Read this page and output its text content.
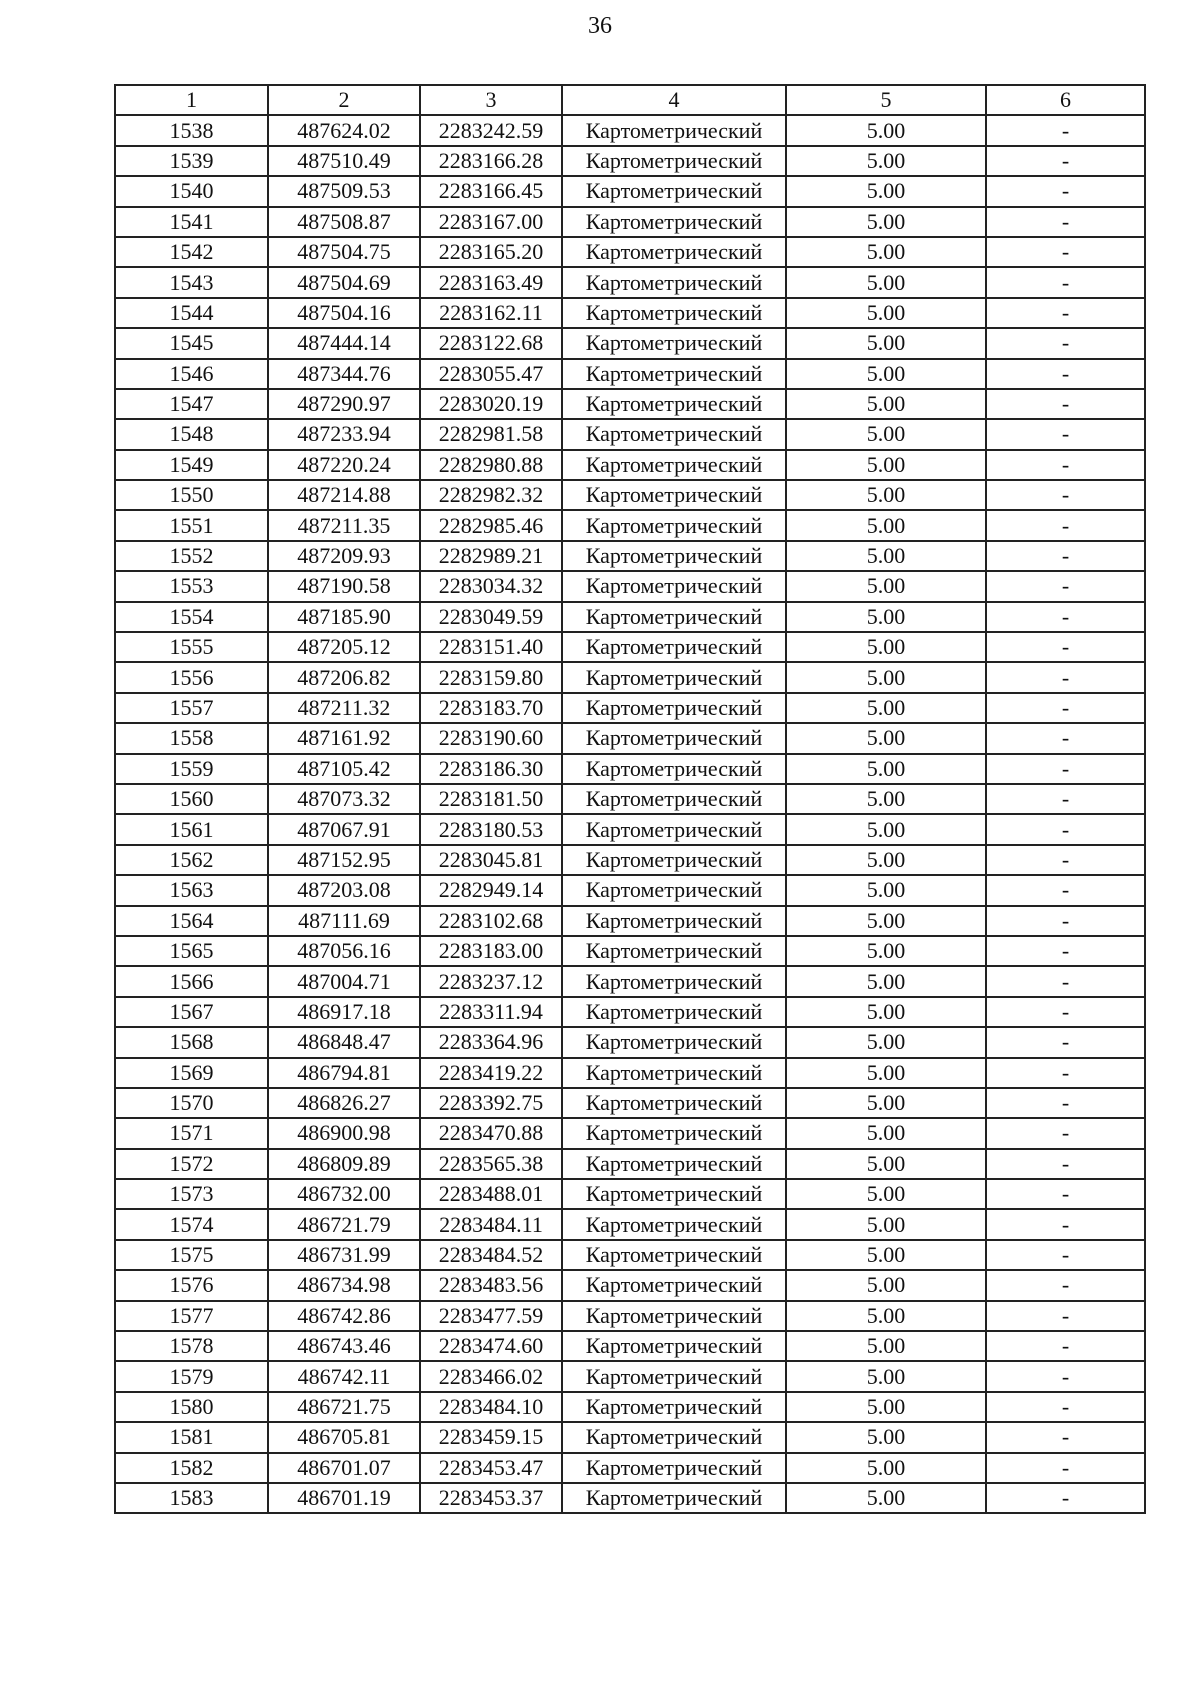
36
1	2	3	4	5	6
1538	487624.02	2283242.59	Картометрический	5.00	-
1539	487510.49	2283166.28	Картометрический	5.00	-
1540	487509.53	2283166.45	Картометрический	5.00	-
1541	487508.87	2283167.00	Картометрический	5.00	-
1542	487504.75	2283165.20	Картометрический	5.00	-
1543	487504.69	2283163.49	Картометрический	5.00	-
1544	487504.16	2283162.11	Картометрический	5.00	-
1545	487444.14	2283122.68	Картометрический	5.00	-
1546	487344.76	2283055.47	Картометрический	5.00	-
1547	487290.97	2283020.19	Картометрический	5.00	-
1548	487233.94	2282981.58	Картометрический	5.00	-
1549	487220.24	2282980.88	Картометрический	5.00	-
1550	487214.88	2282982.32	Картометрический	5.00	-
1551	487211.35	2282985.46	Картометрический	5.00	-
1552	487209.93	2282989.21	Картометрический	5.00	-
1553	487190.58	2283034.32	Картометрический	5.00	-
1554	487185.90	2283049.59	Картометрический	5.00	-
1555	487205.12	2283151.40	Картометрический	5.00	-
1556	487206.82	2283159.80	Картометрический	5.00	-
1557	487211.32	2283183.70	Картометрический	5.00	-
1558	487161.92	2283190.60	Картометрический	5.00	-
1559	487105.42	2283186.30	Картометрический	5.00	-
1560	487073.32	2283181.50	Картометрический	5.00	-
1561	487067.91	2283180.53	Картометрический	5.00	-
1562	487152.95	2283045.81	Картометрический	5.00	-
1563	487203.08	2282949.14	Картометрический	5.00	-
1564	487111.69	2283102.68	Картометрический	5.00	-
1565	487056.16	2283183.00	Картометрический	5.00	-
1566	487004.71	2283237.12	Картометрический	5.00	-
1567	486917.18	2283311.94	Картометрический	5.00	-
1568	486848.47	2283364.96	Картометрический	5.00	-
1569	486794.81	2283419.22	Картометрический	5.00	-
1570	486826.27	2283392.75	Картометрический	5.00	-
1571	486900.98	2283470.88	Картометрический	5.00	-
1572	486809.89	2283565.38	Картометрический	5.00	-
1573	486732.00	2283488.01	Картометрический	5.00	-
1574	486721.79	2283484.11	Картометрический	5.00	-
1575	486731.99	2283484.52	Картометрический	5.00	-
1576	486734.98	2283483.56	Картометрический	5.00	-
1577	486742.86	2283477.59	Картометрический	5.00	-
1578	486743.46	2283474.60	Картометрический	5.00	-
1579	486742.11	2283466.02	Картометрический	5.00	-
1580	486721.75	2283484.10	Картометрический	5.00	-
1581	486705.81	2283459.15	Картометрический	5.00	-
1582	486701.07	2283453.47	Картометрический	5.00	-
1583	486701.19	2283453.37	Картометрический	5.00	-
